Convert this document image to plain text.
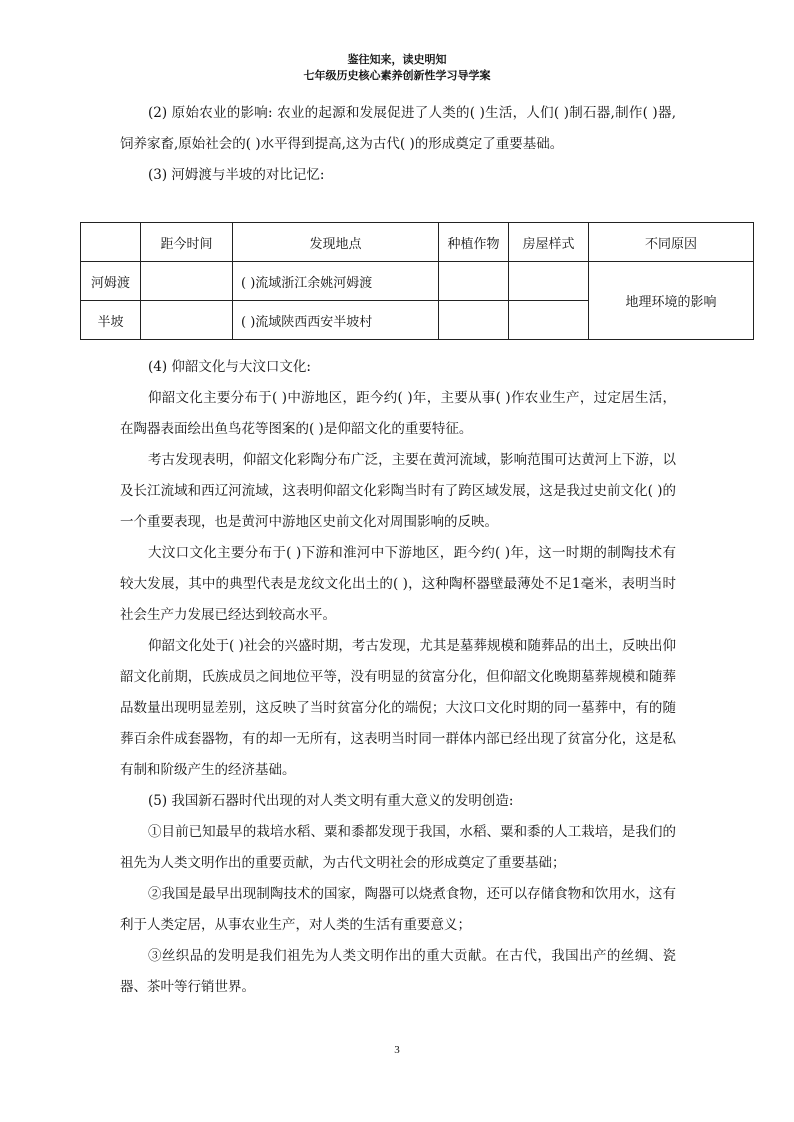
鉴往知来，读史明知
七年级历史核心素养创新性学习导学案

(2) 原始农业的影响: 农业的起源和发展促进了人类的( )生活，人们( )制石器,制作( )器,饲养家畜,原始社会的( )水平得到提高,这为古代( )的形成奠定了重要基础。

(3) 河姆渡与半坡的对比记忆:

	距今时间	发现地点	种植作物	房屋样式	不同原因
河姆渡		( )流域浙江余姚河姆渡			地理环境的影响
半坡		( )流域陕西西安半坡村			

(4) 仰韶文化与大汶口文化:

仰韶文化主要分布于( )中游地区，距今约( )年，主要从事( )作农业生产，过定居生活，在陶器表面绘出鱼鸟花等图案的( )是仰韶文化的重要特征。

考古发现表明，仰韶文化彩陶分布广泛，主要在黄河流域，影响范围可达黄河上下游，以及长江流域和西辽河流域，这表明仰韶文化彩陶当时有了跨区域发展，这是我过史前文化( )的一个重要表现，也是黄河中游地区史前文化对周围影响的反映。

大汶口文化主要分布于( )下游和淮河中下游地区，距今约( )年，这一时期的制陶技术有较大发展，其中的典型代表是龙纹文化出土的( )，这种陶杯器壁最薄处不足1毫米，表明当时社会生产力发展已经达到较高水平。

仰韶文化处于( )社会的兴盛时期，考古发现，尤其是墓葬规模和随葬品的出土，反映出仰韶文化前期，氏族成员之间地位平等，没有明显的贫富分化，但仰韶文化晚期墓葬规模和随葬品数量出现明显差别，这反映了当时贫富分化的端倪；大汶口文化时期的同一墓葬中，有的随葬百余件成套器物，有的却一无所有，这表明当时同一群体内部已经出现了贫富分化，这是私有制和阶级产生的经济基础。

(5) 我国新石器时代出现的对人类文明有重大意义的发明创造:

①目前已知最早的栽培水稻、粟和黍都发现于我国，水稻、粟和黍的人工栽培，是我们的祖先为人类文明作出的重要贡献，为古代文明社会的形成奠定了重要基础；

②我国是最早出现制陶技术的国家，陶器可以烧煮食物，还可以存储食物和饮用水，这有利于人类定居，从事农业生产，对人类的生活有重要意义；

③丝织品的发明是我们祖先为人类文明作出的重大贡献。在古代，我国出产的丝绸、瓷器、茶叶等行销世界。

3
